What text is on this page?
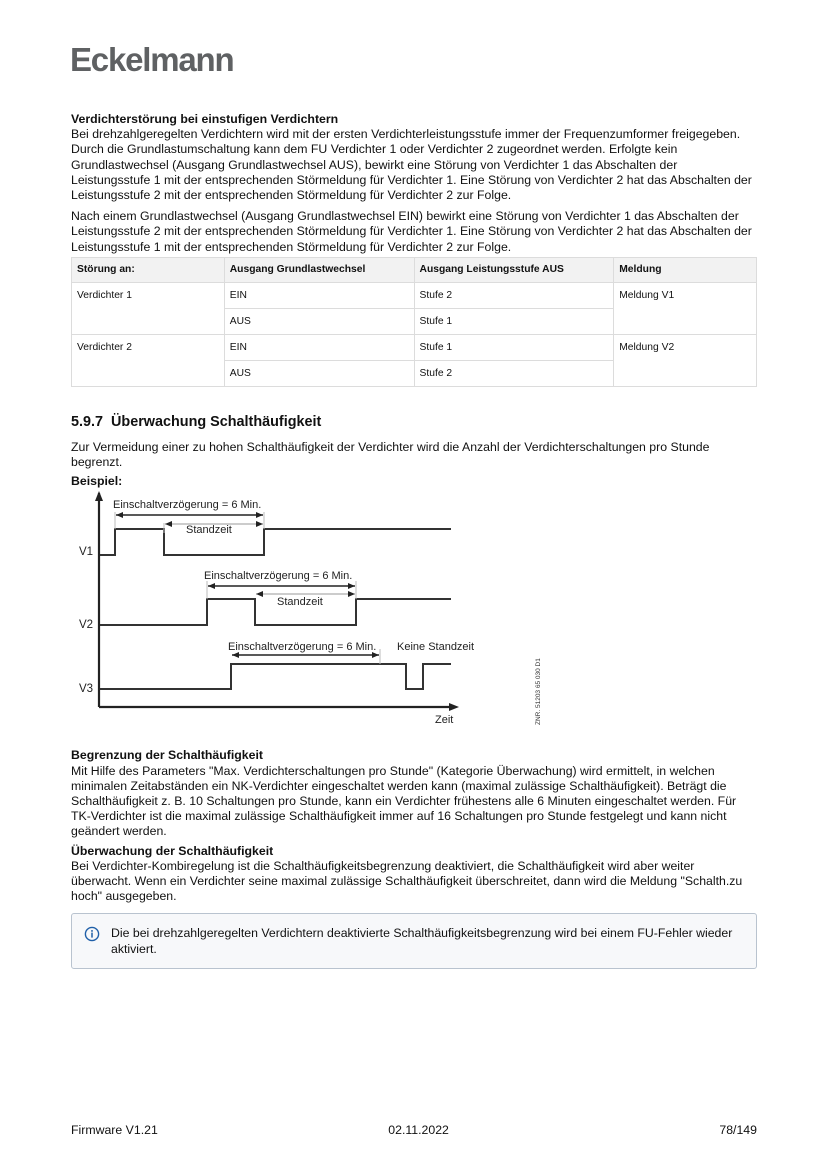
Eckelmann
Verdichterstörung bei einstufigen Verdichtern

Bei drehzahlgeregelten Verdichtern wird mit der ersten Verdichterleistungsstufe immer der Frequenzumformer freigegeben. Durch die Grundlastumschaltung kann dem FU Verdichter 1 oder Verdichter 2 zugeordnet werden. Erfolgte kein Grundlastwechsel (Ausgang Grundlastwechsel AUS), bewirkt eine Störung von Verdichter 1 das Abschalten der Leistungsstufe 1 mit der entsprechenden Störmeldung für Verdichter 1. Eine Störung von Verdichter 2 hat das Abschalten der Leistungsstufe 2 mit der entsprechenden Störmeldung für Verdichter 2 zur Folge.

Nach einem Grundlastwechsel (Ausgang Grundlastwechsel EIN) bewirkt eine Störung von Verdichter 1 das Abschalten der Leistungsstufe 2 mit der entsprechenden Störmeldung für Verdichter 1. Eine Störung von Verdichter 2 hat das Abschalten der Leistungsstufe 1 mit der entsprechenden Störmeldung für Verdichter 2 zur Folge.

Störung an:	Ausgang Grundlastwechsel	Ausgang Leistungsstufe AUS	Meldung
Verdichter 1	EIN	Stufe 2	Meldung V1
	AUS	Stufe 1	
Verdichter 2	EIN	Stufe 1	Meldung V2
	AUS	Stufe 2	
5.9.7 Überwachung Schalthäufigkeit

Zur Vermeidung einer zu hohen Schalthäufigkeit der Verdichter wird die Anzahl der Verdichterschaltungen pro Stunde begrenzt.

Beispiel:
V1
V2
V3
Einschaltverzögerung = 6 Min.
Standzeit
Einschaltverzögerung = 6 Min.
Standzeit
Einschaltverzögerung = 6 Min. Keine Standzeit
Zeit	ZNR. 51203 65 030 D1
Begrenzung der Schalthäufigkeit

Mit Hilfe des Parameters "Max. Verdichterschaltungen pro Stunde" (Kategorie Überwachung) wird ermittelt, in welchen minimalen Zeitabständen ein NK-Verdichter eingeschaltet werden kann (maximal zulässige Schalthäufigkeit). Beträgt die Schalthäufigkeit z. B. 10 Schaltungen pro Stunde, kann ein Verdichter frühestens alle 6 Minuten eingeschaltet werden. Für TK-Verdichter ist die maximal zulässige Schalthäufigkeit immer auf 16 Schaltungen pro Stunde festgelegt und kann nicht geändert werden.

Überwachung der Schalthäufigkeit

Bei Verdichter-Kombiregelung ist die Schalthäufigkeitsbegrenzung deaktiviert, die Schalthäufigkeit wird aber weiter überwacht. Wenn ein Verdichter seine maximal zulässige Schalthäufigkeit überschreitet, dann wird die Meldung "Schalth.zu hoch" ausgegeben.

Die bei drehzahlgeregelten Verdichtern deaktivierte Schalthäufigkeitsbegrenzung wird bei einem FU-Fehler wieder aktiviert.
Firmware V1.21	02.11.2022	78/149
